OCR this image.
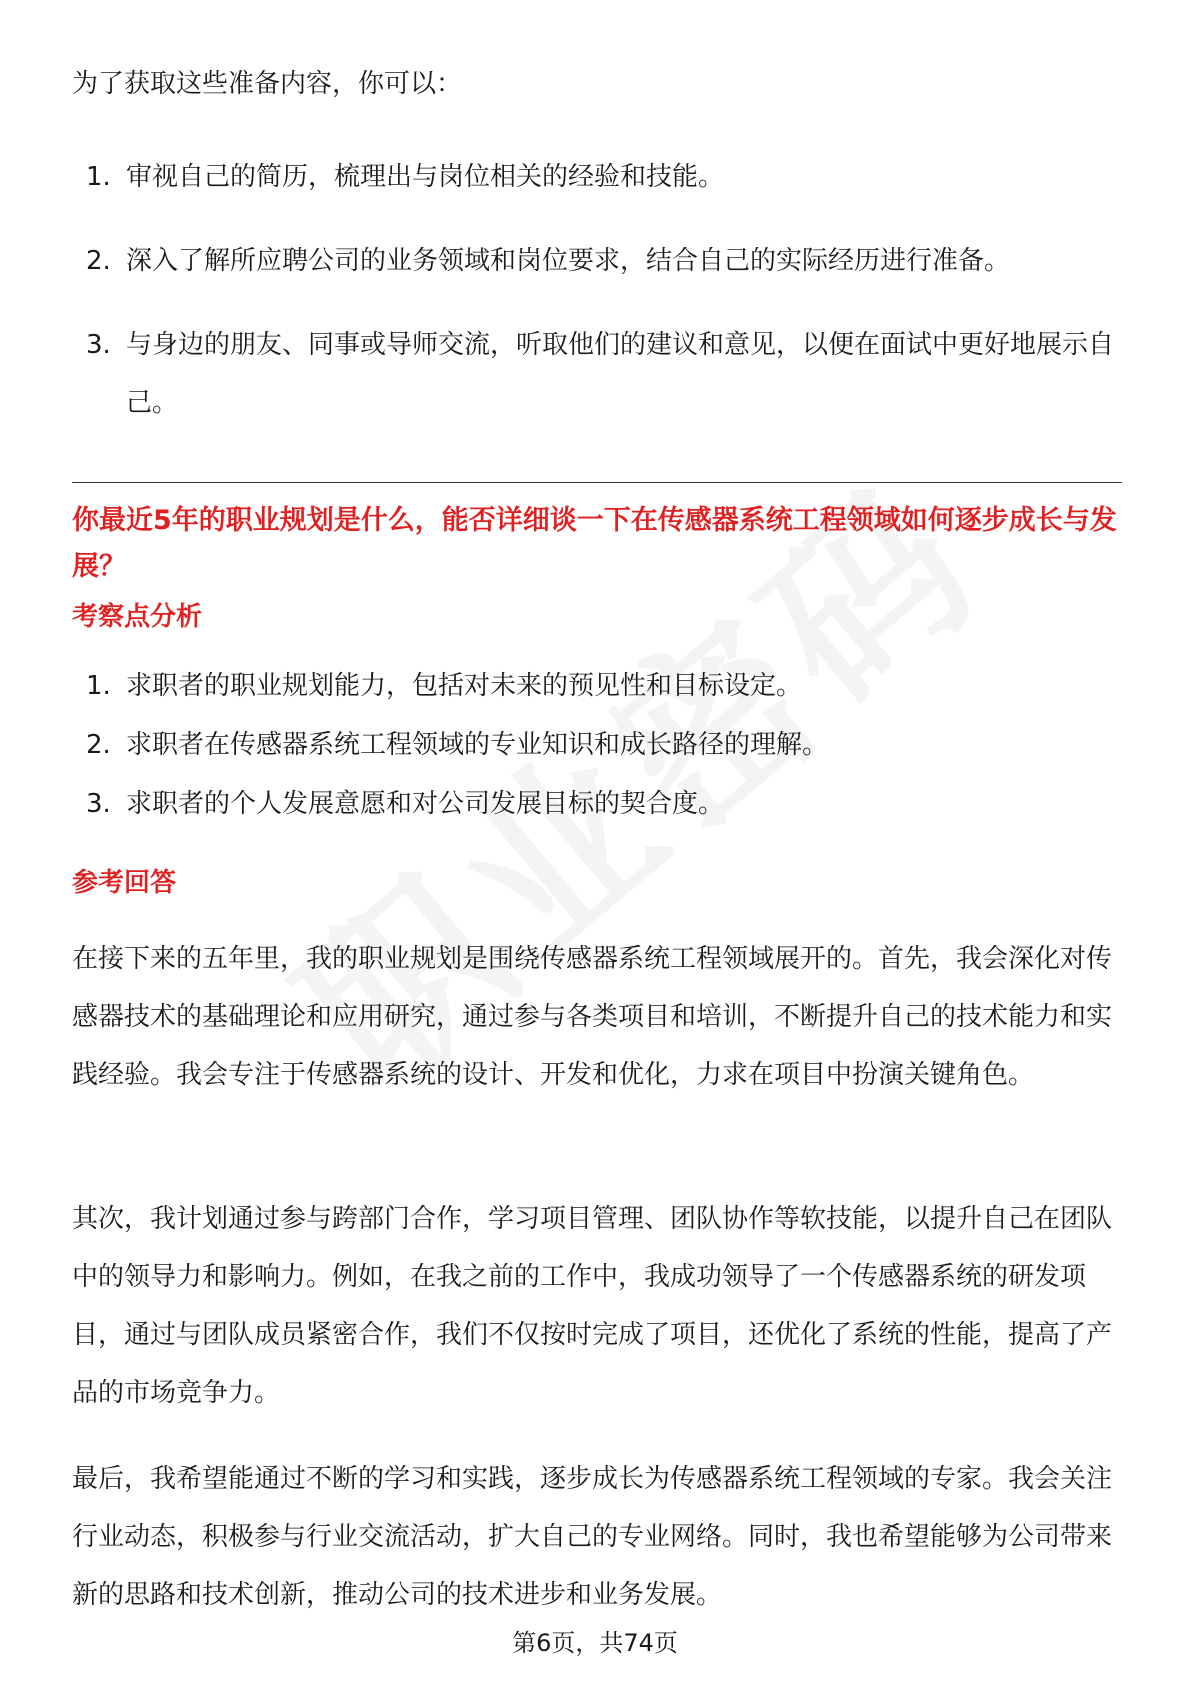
为了获取这些准备内容，你可以：
1. 审视自己的简历，梳理出与岗位相关的经验和技能。
2. 深入了解所应聘公司的业务领域和岗位要求，结合自己的实际经历进行准备。
3. 与身边的朋友、同事或导师交流，听取他们的建议和意见，以便在面试中更好地展示自己。
你最近5年的职业规划是什么，能否详细谈一下在传感器系统工程领域如何逐步成长与发展？
考察点分析
1. 求职者的职业规划能力，包括对未来的预见性和目标设定。
2. 求职者在传感器系统工程领域的专业知识和成长路径的理解。
3. 求职者的个人发展意愿和对公司发展目标的契合度。
参考回答

在接下来的五年里，我的职业规划是围绕传感器系统工程领域展开的。首先，我会深化对传感器技术的基础理论和应用研究，通过参与各类项目和培训，不断提升自己的技术能力和实践经验。我会专注于传感器系统的设计、开发和优化，力求在项目中扮演关键角色。

其次，我计划通过参与跨部门合作，学习项目管理、团队协作等软技能，以提升自己在团队中的领导力和影响力。例如，在我之前的工作中，我成功领导了一个传感器系统的研发项目，通过与团队成员紧密合作，我们不仅按时完成了项目，还优化了系统的性能，提高了产品的市场竞争力。

最后，我希望能通过不断的学习和实践，逐步成长为传感器系统工程领域的专家。我会关注行业动态，积极参与行业交流活动，扩大自己的专业网络。同时，我也希望能够为公司带来新的思路和技术创新，推动公司的技术进步和业务发展。

第6页，共74页
